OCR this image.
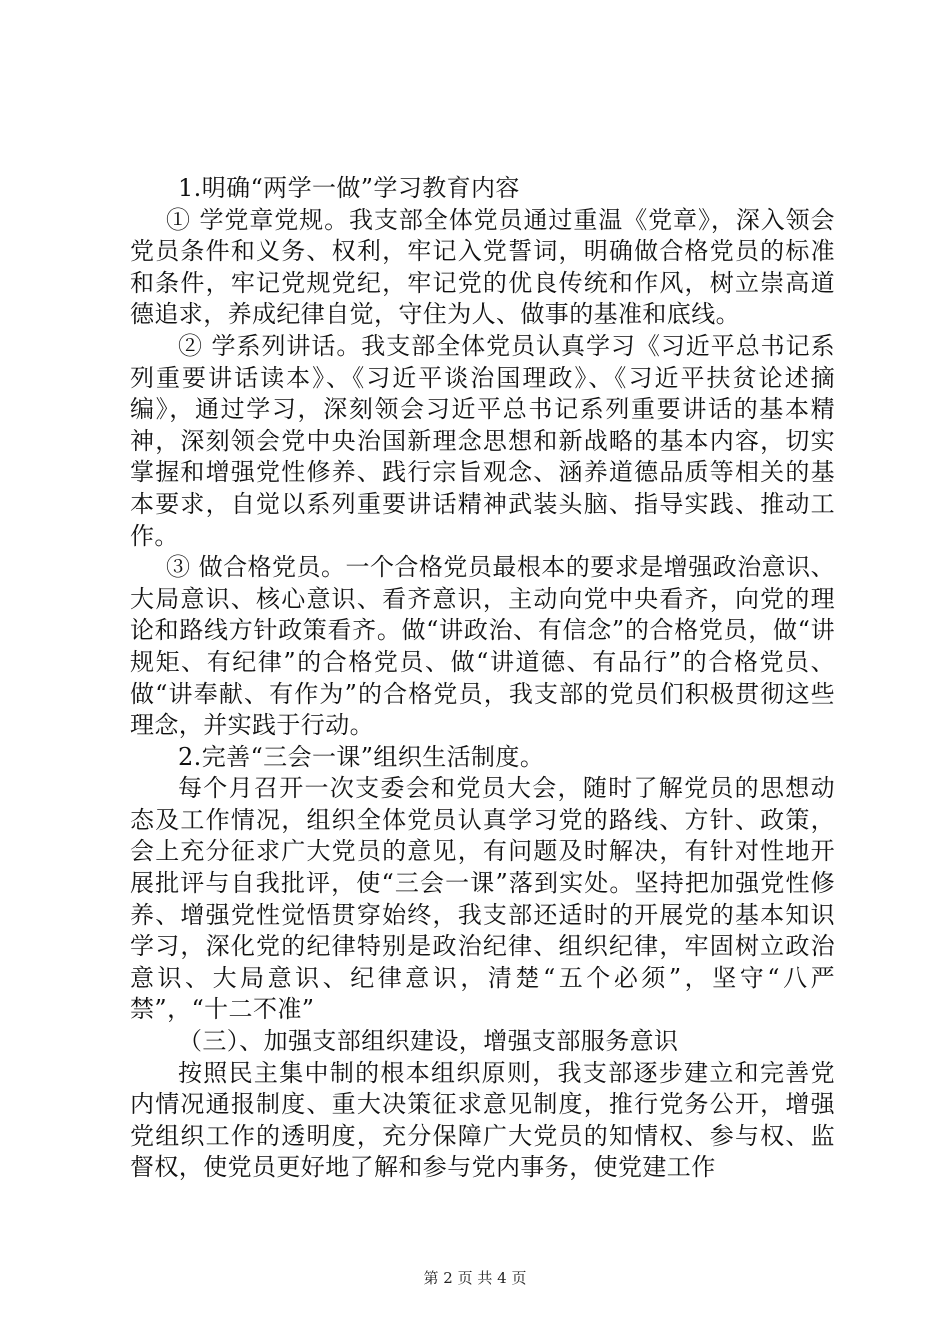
1.明确“两学一做”学习教育内容

① 学党章党规。我支部全体党员通过重温《党章》，深入领会党员条件和义务、权利，牢记入党誓词，明确做合格党员的标准和条件，牢记党规党纪，牢记党的优良传统和作风，树立崇高道德追求，养成纪律自觉，守住为人、做事的基准和底线。

② 学系列讲话。我支部全体党员认真学习《习近平总书记系列重要讲话读本》、《习近平谈治国理政》、《习近平扶贫论述摘编》，通过学习，深刻领会习近平总书记系列重要讲话的基本精神，深刻领会党中央治国新理念思想和新战略的基本内容，切实掌握和增强党性修养、践行宗旨观念、涵养道德品质等相关的基本要求，自觉以系列重要讲话精神武装头脑、指导实践、推动工作。

③ 做合格党员。一个合格党员最根本的要求是增强政治意识、大局意识、核心意识、看齐意识，主动向党中央看齐，向党的理论和路线方针政策看齐。做“讲政治、有信念”的合格党员，做“讲规矩、有纪律”的合格党员、做“讲道德、有品行”的合格党员、做“讲奉献、有作为”的合格党员，我支部的党员们积极贯彻这些理念，并实践于行动。

2.完善“三会一课”组织生活制度。

每个月召开一次支委会和党员大会，随时了解党员的思想动态及工作情况，组织全体党员认真学习党的路线、方针、政策，会上充分征求广大党员的意见，有问题及时解决，有针对性地开展批评与自我批评，使“三会一课”落到实处。坚持把加强党性修养、增强党性觉悟贯穿始终，我支部还适时的开展党的基本知识学习，深化党的纪律特别是政治纪律、组织纪律，牢固树立政治意识、大局意识、纪律意识，清楚“五个必须”，坚守“八严禁”，“十二不准”

（三）、加强支部组织建设，增强支部服务意识

按照民主集中制的根本组织原则，我支部逐步建立和完善党内情况通报制度、重大决策征求意见制度，推行党务公开，增强党组织工作的透明度，充分保障广大党员的知情权、参与权、监督权，使党员更好地了解和参与党内事务，使党建工作

第 2 页 共 4 页
